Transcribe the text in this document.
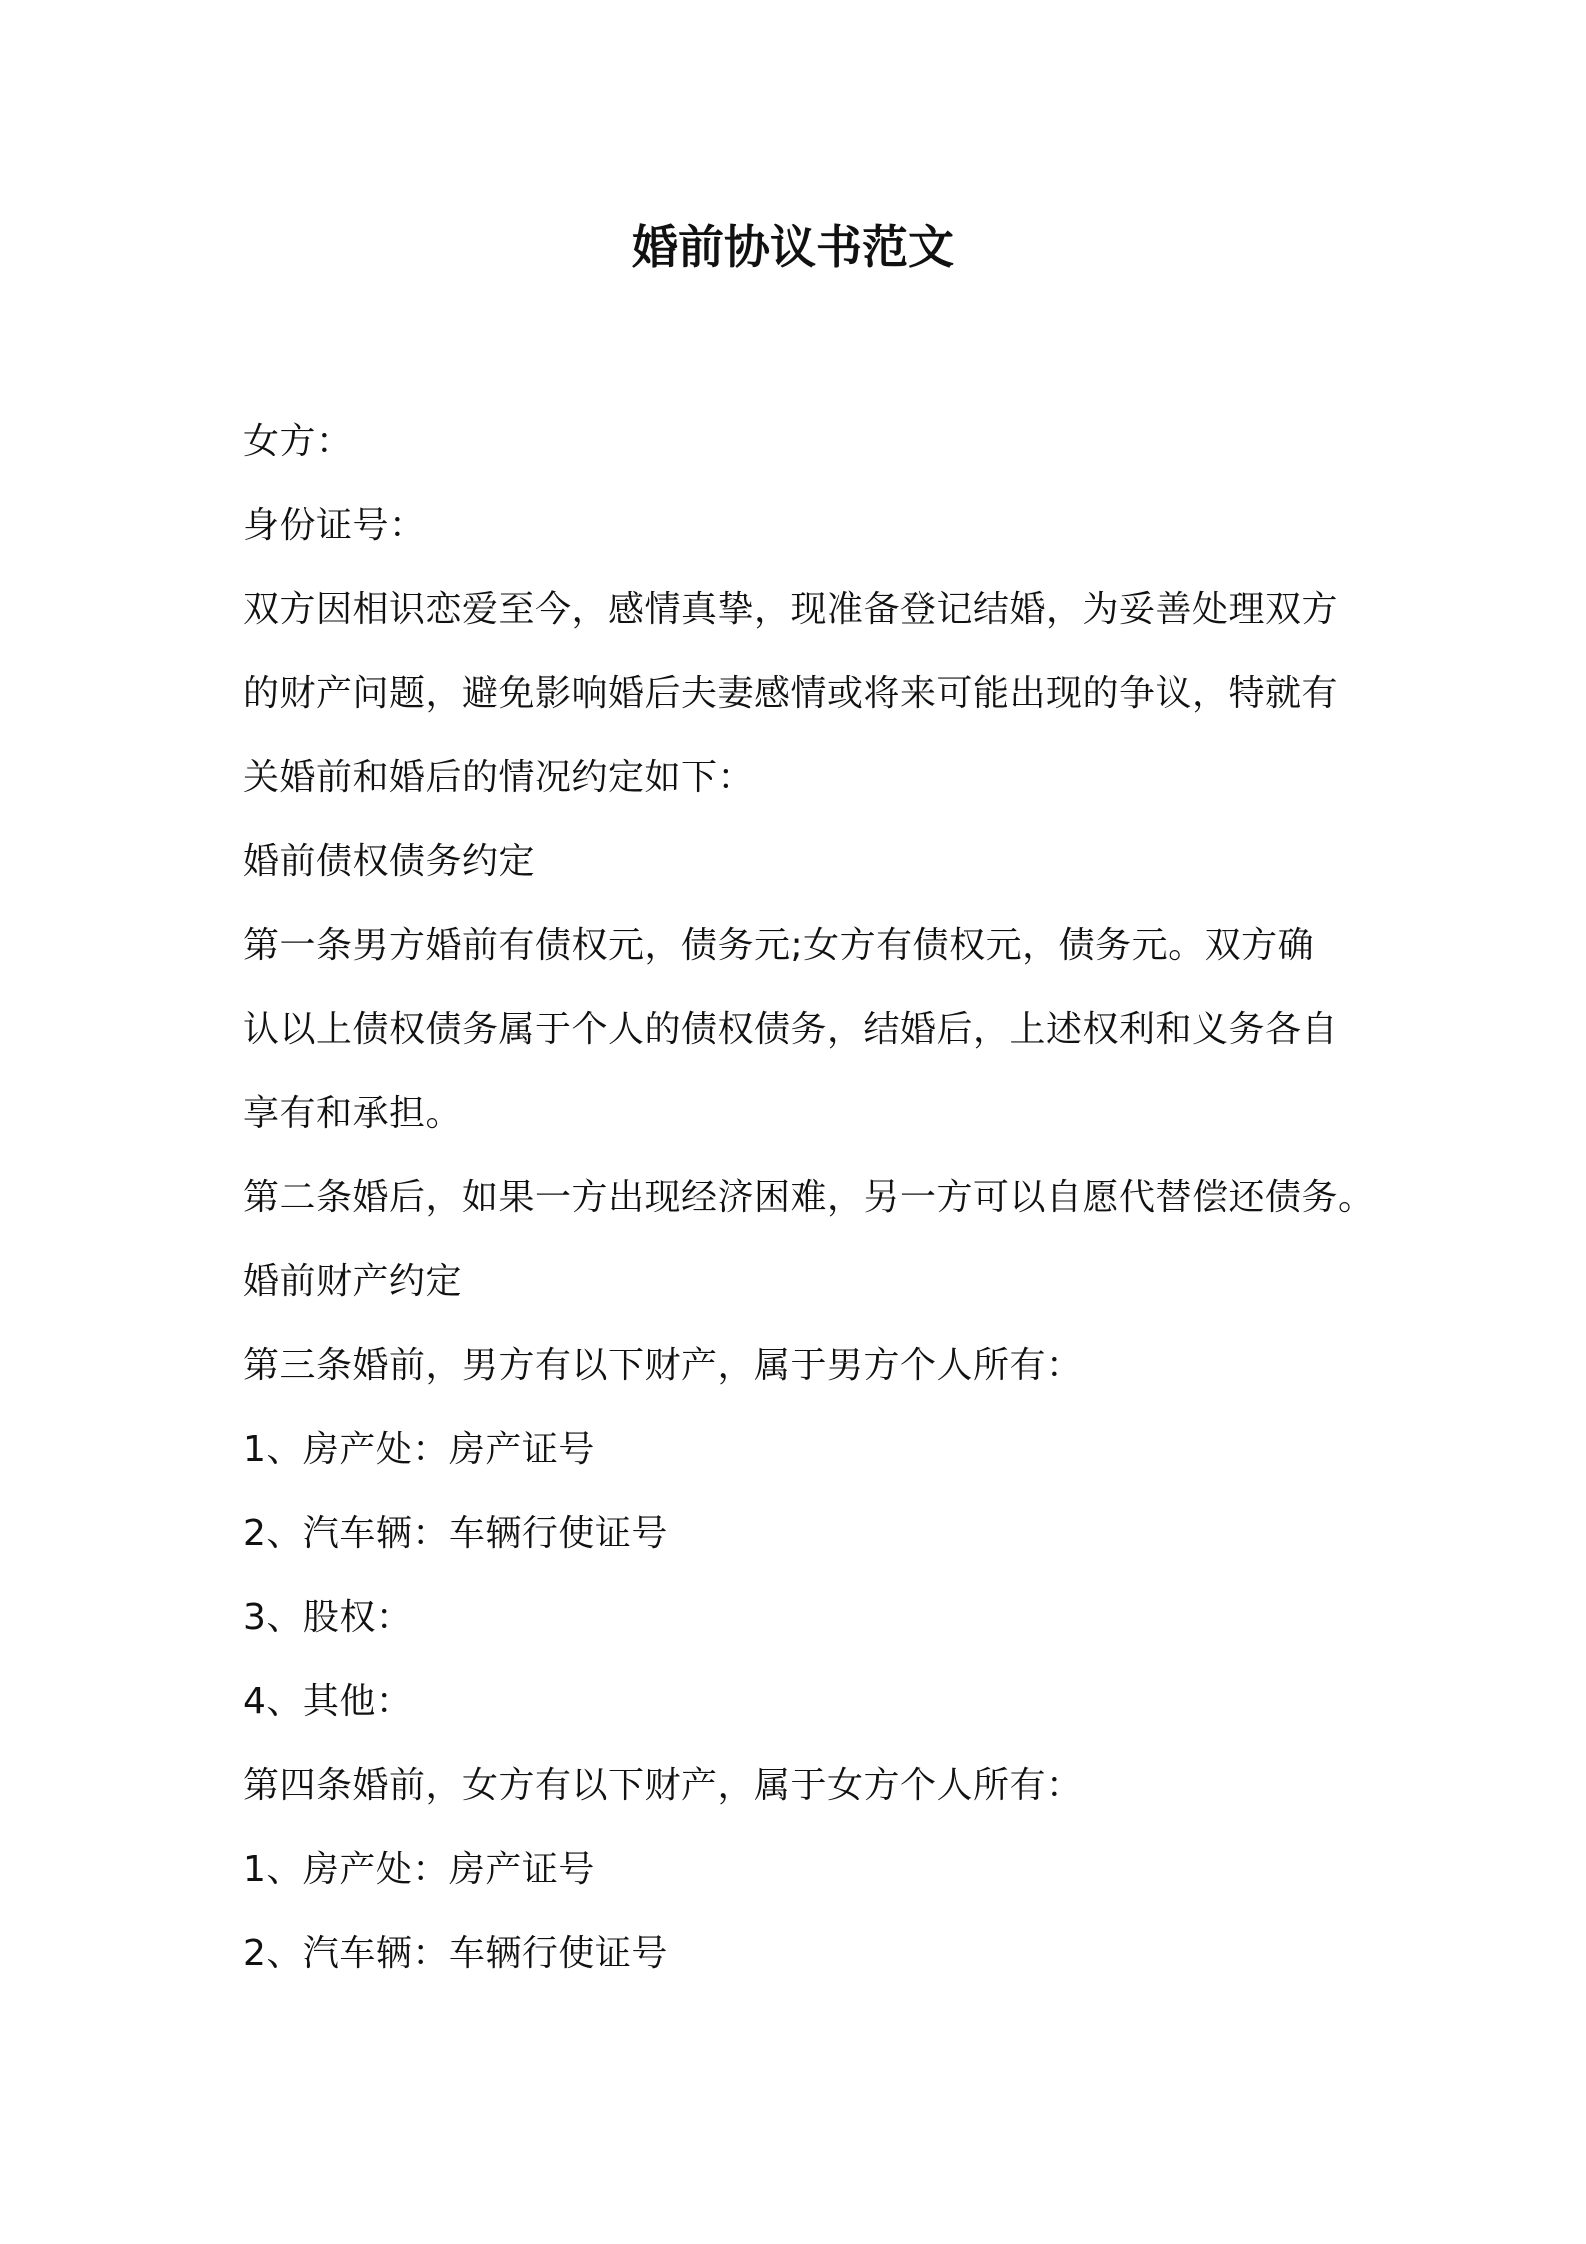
婚前协议书范文

女方：

身份证号：

双方因相识恋爱至今，感情真挚，现准备登记结婚，为妥善处理双方

的财产问题，避免影响婚后夫妻感情或将来可能出现的争议，特就有

关婚前和婚后的情况约定如下：

婚前债权债务约定

第一条男方婚前有债权元，债务元;女方有债权元，债务元。双方确

认以上债权债务属于个人的债权债务，结婚后，上述权利和义务各自

享有和承担。

第二条婚后，如果一方出现经济困难，另一方可以自愿代替偿还债务。

婚前财产约定

第三条婚前，男方有以下财产，属于男方个人所有：

1、房产处：房产证号

2、汽车辆：车辆行使证号

3、股权：

4、其他：

第四条婚前，女方有以下财产，属于女方个人所有：

1、房产处：房产证号

2、汽车辆：车辆行使证号
